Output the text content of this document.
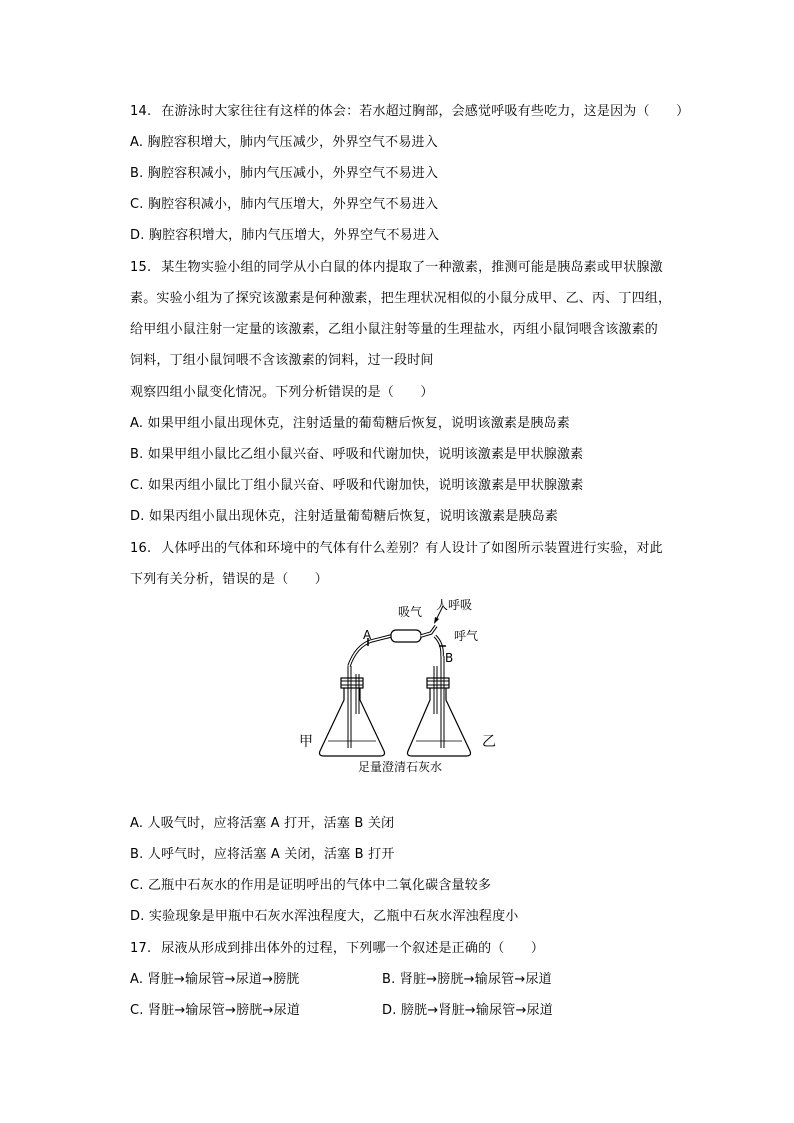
14. 在游泳时大家往往有这样的体会：若水超过胸部，会感觉呼吸有些吃力，这是因为（　　）
A. 胸腔容积增大，肺内气压减少，外界空气不易进入
B. 胸腔容积减小，肺内气压减小，外界空气不易进入
C. 胸腔容积减小，肺内气压增大，外界空气不易进入
D. 胸腔容积增大，肺内气压增大，外界空气不易进入
15. 某生物实验小组的同学从小白鼠的体内提取了一种激素，推测可能是胰岛素或甲状腺激
素。实验小组为了探究该激素是何种激素，把生理状况相似的小鼠分成甲、乙、丙、丁四组，
给甲组小鼠注射一定量的该激素，乙组小鼠注射等量的生理盐水，丙组小鼠饲喂含该激素的
饲料，丁组小鼠饲喂不含该激素的饲料，过一段时间
观察四组小鼠变化情况。下列分析错误的是（　　）
A. 如果甲组小鼠出现休克，注射适量的葡萄糖后恢复，说明该激素是胰岛素
B. 如果甲组小鼠比乙组小鼠兴奋、呼吸和代谢加快，说明该激素是甲状腺激素
C. 如果丙组小鼠比丁组小鼠兴奋、呼吸和代谢加快，说明该激素是甲状腺激素
D. 如果丙组小鼠出现休克，注射适量葡萄糖后恢复，说明该激素是胰岛素
16. 人体呼出的气体和环境中的气体有什么差别？有人设计了如图所示装置进行实验，对此
下列有关分析，错误的是（　　）
吸气 人呼吸
呼气
A
B
甲	乙
足量澄清石灰水
A. 人吸气时，应将活塞 A 打开，活塞 B 关闭
B. 人呼气时，应将活塞 A 关闭，活塞 B 打开
C. 乙瓶中石灰水的作用是证明呼出的气体中二氧化碳含量较多
D. 实验现象是甲瓶中石灰水浑浊程度大，乙瓶中石灰水浑浊程度小
17. 尿液从形成到排出体外的过程，下列哪一个叙述是正确的（　　）
A. 肾脏→输尿管→尿道→膀胱	B. 肾脏→膀胱→输尿管→尿道
C. 肾脏→输尿管→膀胱→尿道	D. 膀胱→肾脏→输尿管→尿道
